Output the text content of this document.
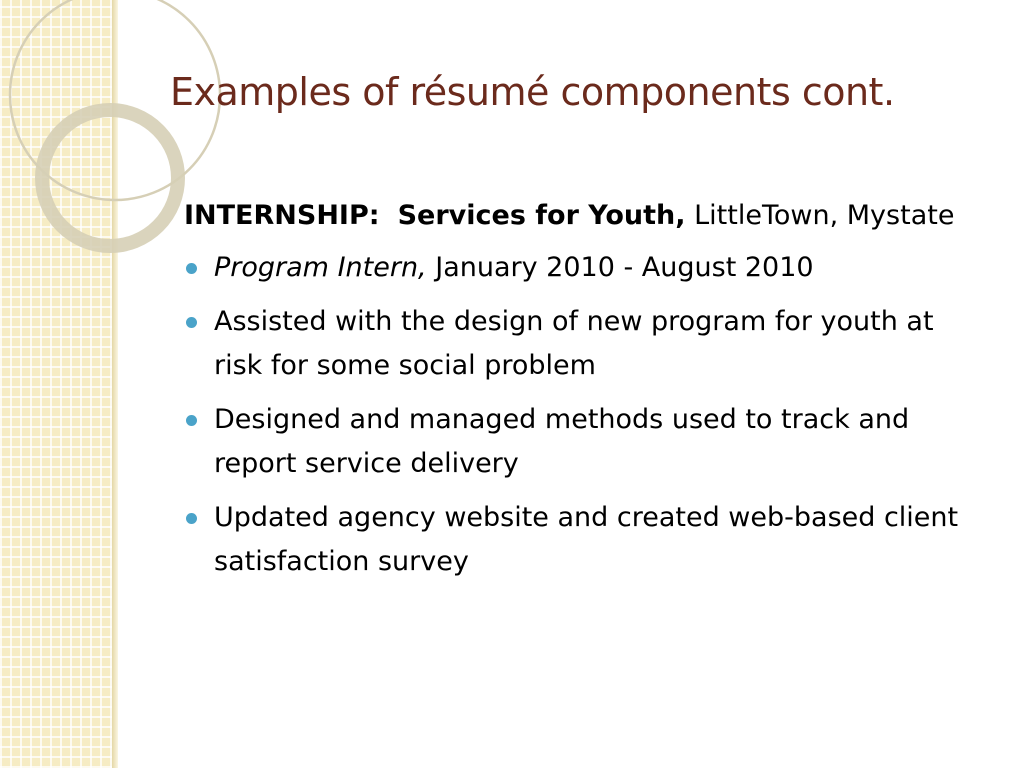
Examples of résumé components cont.
INTERNSHIP: Services for Youth, LittleTown, Mystate
Program Intern, January 2010 - August 2010
Assisted with the design of new program for youth at risk for some social problem
Designed and managed methods used to track and report service delivery
Updated agency website and created web-based client satisfaction survey
